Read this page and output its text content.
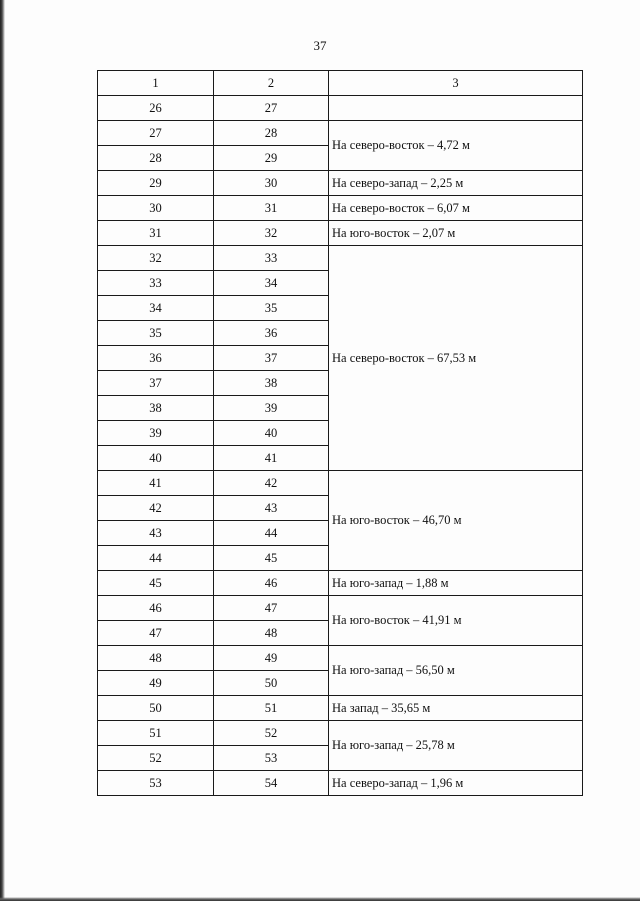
37
1	2	3
26	27	
27	28	На северо-восток – 4,72 м
28	29	
29	30	На северо-запад – 2,25 м
30	31	На северо-восток – 6,07 м
31	32	На юго-восток – 2,07 м
32	33	На северо-восток – 67,53 м
33	34	
34	35	
35	36	
36	37	
37	38	
38	39	
39	40	
40	41	
41	42	На юго-восток – 46,70 м
42	43	
43	44	
44	45	
45	46	На юго-запад – 1,88 м
46	47	На юго-восток – 41,91 м
47	48	
48	49	На юго-запад – 56,50 м
49	50	
50	51	На запад – 35,65 м
51	52	На юго-запад – 25,78 м
52	53	
53	54	На северо-запад – 1,96 м
